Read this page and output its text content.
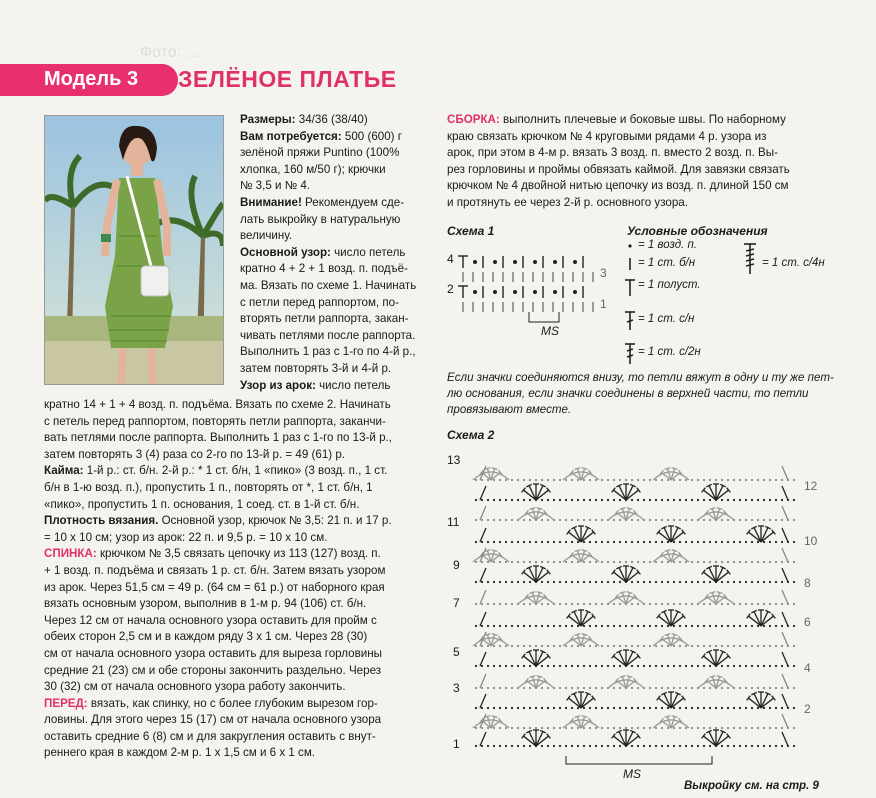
Фото: ...
Модель 3 ЗЕЛЁНОЕ ПЛАТЬЕ
Размеры: 34/36 (38/40)
Вам потребуется: 500 (600) г
зелёной пряжи Puntino (100%
хлопка, 160 м/50 г); крючки
№ 3,5 и № 4.
Внимание! Рекомендуем сде-
лать выкройку в натуральную
величину.
Основной узор: число петель
кратно 4 + 2 + 1 возд. п. подъё-
ма. Вязать по схеме 1. Начинать
с петли перед раппортом, по-
вторять петли раппорта, закан-
чивать петлями после раппорта.
Выполнить 1 раз с 1-го по 4-й р.,
затем повторять 3-й и 4-й р.
Узор из арок: число петель
кратно 14 + 1 + 4 возд. п. подъёма. Вязать по схеме 2. Начинать
с петель перед раппортом, повторять петли раппорта, заканчи-
вать петлями после раппорта. Выполнить 1 раз с 1-го по 13-й р.,
затем повторять 3 (4) раза со 2-го по 13-й р. = 49 (61) р.
Кайма: 1-й р.: ст. б/н. 2-й р.: * 1 ст. б/н, 1 «пико» (3 возд. п., 1 ст.
б/н в 1-ю возд. п.), пропустить 1 п., повторять от *, 1 ст. б/н, 1
«пико», пропустить 1 п. основания, 1 соед. ст. в 1-й ст. б/н.
Плотность вязания. Основной узор, крючок № 3,5: 21 п. и 17 р.
= 10 х 10 см; узор из арок: 22 п. и 9,5 р. = 10 х 10 см.
СПИНКА: крючком № 3,5 связать цепочку из 113 (127) возд. п.
+ 1 возд. п. подъёма и связать 1 р. ст. б/н. Затем вязать узором
из арок. Через 51,5 см = 49 р. (64 см = 61 р.) от наборного края
вязать основным узором, выполнив в 1-м р. 94 (106) ст. б/н.
Через 12 см от начала основного узора оставить для пройм с
обеих сторон 2,5 см и в каждом ряду 3 х 1 см. Через 28 (30)
см от начала основного узора оставить для выреза горловины
средние 21 (23) см и обе стороны закончить раздельно. Через
30 (32) см от начала основного узора работу закончить.
ПЕРЕД: вязать, как спинку, но с более глубоким вырезом гор-
ловины. Для этого через 15 (17) см от начала основного узора
оставить средние 6 (8) см и для закругления оставить с внут-
реннего края в каждом 2-м р. 1 х 1,5 см и 6 х 1 см.
СБОРКА: выполнить плечевые и боковые швы. По наборному
краю связать крючком № 4 круговыми рядами 4 р. узора из
арок, при этом в 4-м р. вязать 3 возд. п. вместо 2 возд. п. Вы-
рез горловины и проймы обвязать каймой. Для завязки связать
крючком № 4 двойной нитью цепочку из возд. п. длиной 150 см
и протянуть ее через 2-й р. основного узора.
Схема 1
4
2
3
1
MS
Условные обозначения
= 1 возд. п.
= 1 ст. б/н
= 1 полуст.
= 1 ст. с/н
= 1 ст. с/2н
= 1 ст. с/4н
Если значки соединяются внизу, то петли вяжут в одну и ту же пет-
лю основания, если значки соединены в верхней части, то петли
провязывают вместе.
Схема 2
13
11
9
7
5
3
1
12
10
8
6
4
2
MS
Выкройку см. на стр. 9
